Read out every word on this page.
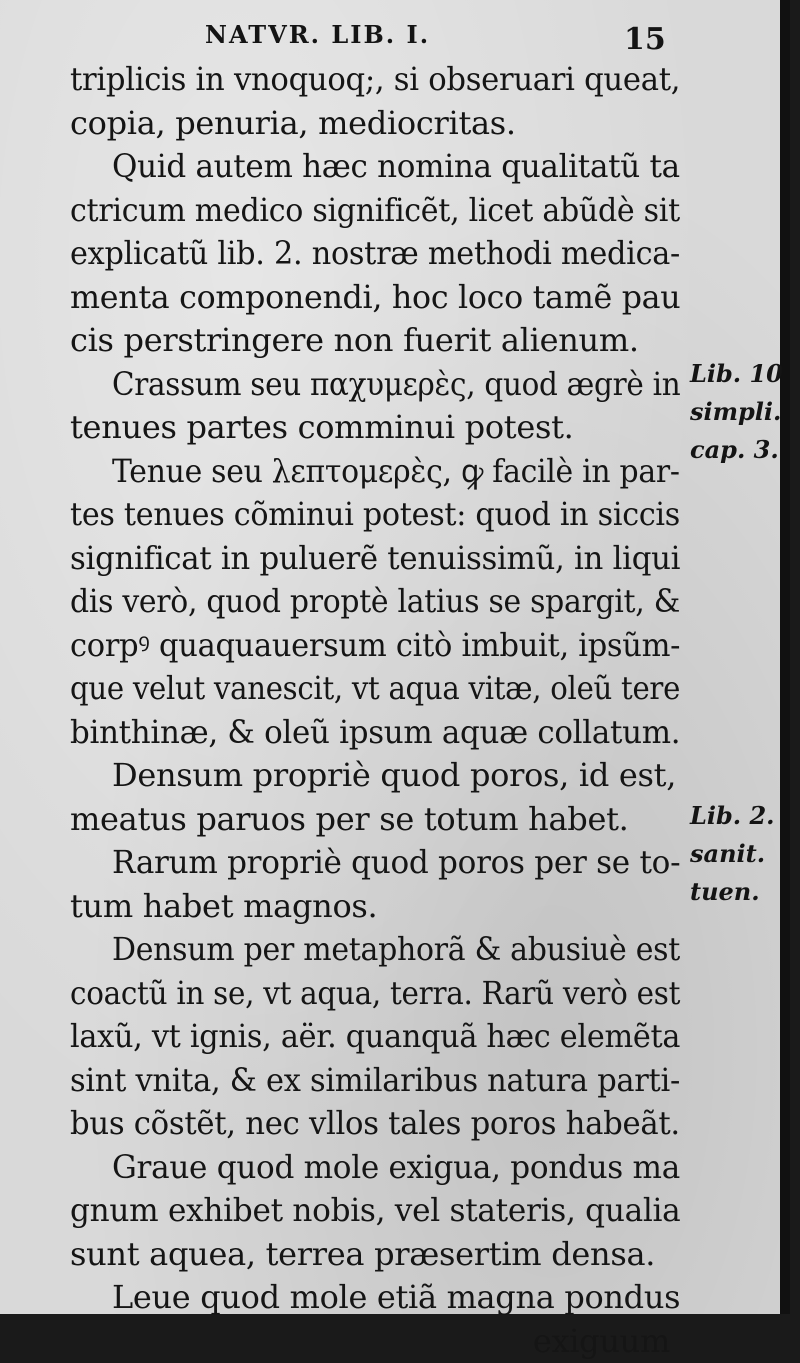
NATVR. LIB. I.	15
triplicis in vnoquoq;, si obseruari queat,
copia, penuria, mediocritas.
Quid autem hæc nomina qualitatũ ta
ctricum medico significẽt, licet abũdè sit
explicatũ lib. 2. nostræ methodi medica-
menta componendi, hoc loco tamẽ pau
cis perstringere non fuerit alienum.
Crassum seu παχυμερὲς, quod ægrè in
tenues partes comminui potest.
Tenue seu λεπτομερὲς, ꝙ facilè in par-
tes tenues cõminui potest: quod in siccis
significat in puluerẽ tenuissimũ, in liqui
dis verò, quod proptè latius se spargit, &
corpꝰ quaquauersum citò imbuit, ipsũm-
que velut vanescit, vt aqua vitæ, oleũ tere
binthinæ, & oleũ ipsum aquæ collatum.
Densum propriè quod poros, id est,
meatus paruos per se totum habet.
Rarum propriè quod poros per se to-
tum habet magnos.
Densum per metaphorã & abusiuè est
coactũ in se, vt aqua, terra. Rarũ verò est
laxũ, vt ignis, aër. quanquã hæc elemẽta
sint vnita, & ex similaribus natura parti-
bus cõstẽt, nec vllos tales poros habeãt.
Graue quod mole exigua, pondus ma
gnum exhibet nobis, vel stateris, qualia
sunt aquea, terrea præsertim densa.
Leue quod mole etiã magna pondus
exiguum
Lib. 10
simpli.
cap. 3.
Lib. 2.
sanit.
tuen.
